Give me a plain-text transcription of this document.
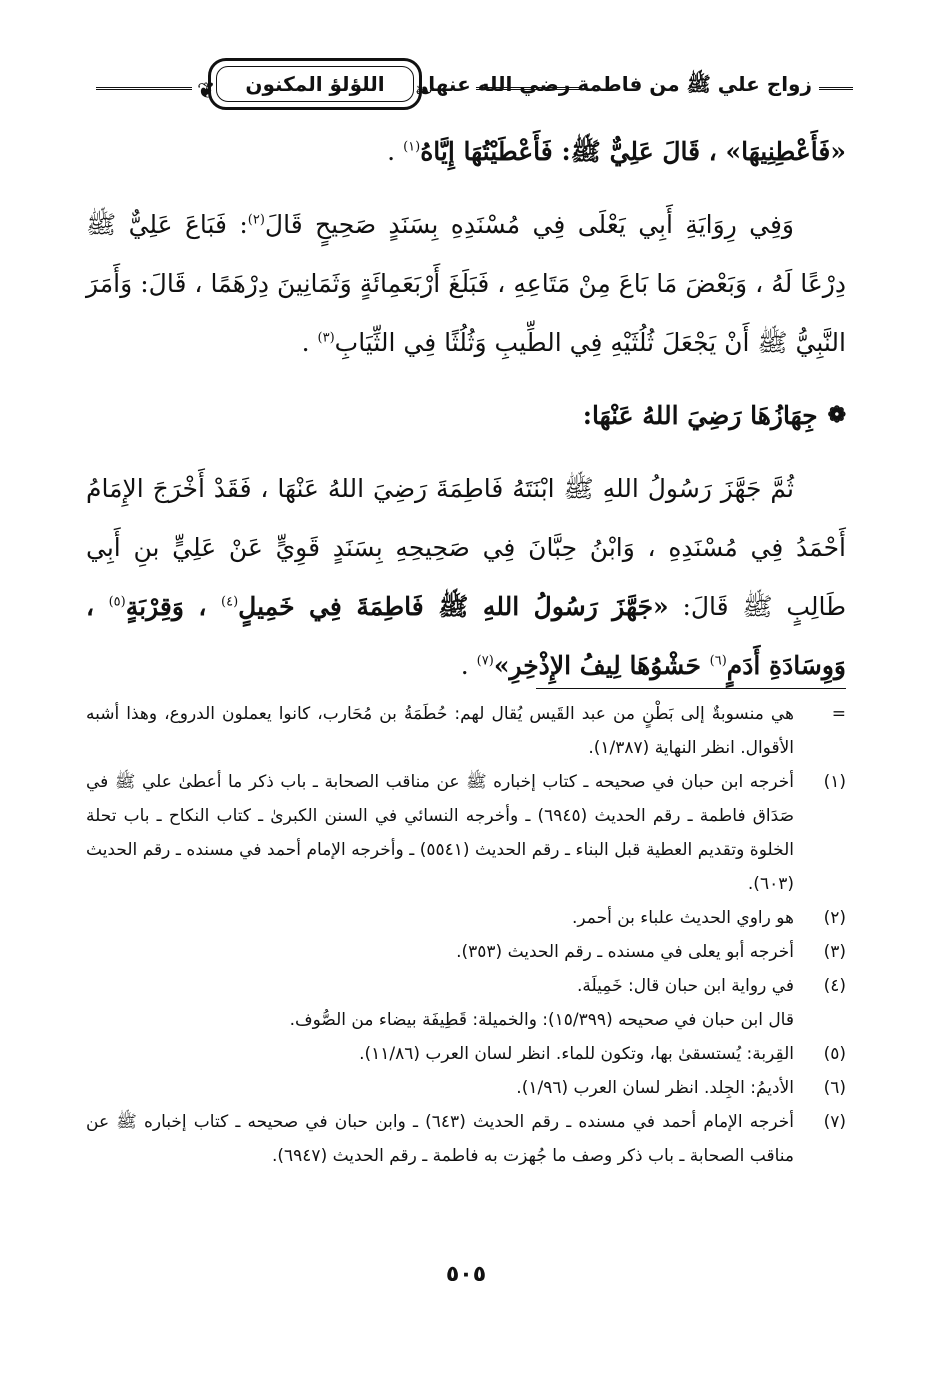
زواج علي ﷺ من فاطمة رضي الله عنها
❦	❧
اللؤلؤ المكنون

«فَأَعْطِنِيهَا» ، قَالَ عَلِيٌّ ﷺ: فَأَعْطَيْتُهَا إِيَّاهُ$^{(١)}$ .

وَفِي رِوَايَةِ أَبِي يَعْلَى فِي مُسْنَدِهِ بِسَنَدٍ صَحِيحٍ قَالَ$^{(٢)}$: فَبَاعَ عَلِيٌّ ﷺ دِرْعًا لَهُ ، وَبَعْضَ مَا بَاعَ مِنْ مَتَاعِهِ ، فَبَلَغَ أَرْبَعَمِائَةٍ وَثَمَانِينَ دِرْهَمًا ، قَالَ: وَأَمَرَ النَّبِيُّ ﷺ أَنْ يَجْعَلَ ثُلُثَيْهِ فِي الطِّيبِ وَثُلُثًا فِي الثِّيَابِ$^{(٣)}$ .

❁
جِهَازُهَا رَضِيَ اللهُ عَنْهَا:

ثُمَّ جَهَّزَ رَسُولُ اللهِ ﷺ ابْنَتَهُ فَاطِمَةَ رَضِيَ اللهُ عَنْهَا ، فَقَدْ أَخْرَجَ الإِمَامُ أَحْمَدُ فِي مُسْنَدِهِ ، وَابْنُ حِبَّانَ فِي صَحِيحِهِ بِسَنَدٍ قَوِيٍّ عَنْ عَلِيٍّ بنِ أَبِي طَالِبٍ ﷺ قَالَ: «جَهَّزَ رَسُولُ اللهِ ﷺ فَاطِمَةَ فِي خَمِيلٍ$^{(٤)}$ ، وَقِرْبَةٍ$^{(٥)}$ ، وَوِسَادَةِ أَدَمٍ$^{(٦)}$ حَشْوُهَا لِيفُ الإِذْخِرِ»$^{(٧)}$ .

=
هي منسوبةٌ إلى بَطْنٍ من عبد القَيس يُقال لهم: حُطَمَةُ بن مُحَارب، كانوا يعملون الدروع، وهذا أشبه الأقوال. انظر النهاية (١/٣٨٧).
(١)
أخرجه ابن حبان في صحيحه ـ كتاب إخباره ﷺ عن مناقب الصحابة ـ باب ذكر ما أعطىٰ علي ﷺ في صَدَاق فاطمة ـ رقم الحديث (٦٩٤٥) ـ وأخرجه النسائي في السنن الكبرىٰ ـ كتاب النكاح ـ باب تحلة الخلوة وتقديم العطية قبل البناء ـ رقم الحديث (٥٥٤١) ـ وأخرجه الإمام أحمد في مسنده ـ رقم الحديث (٦٠٣).
(٢)
هو راوي الحديث علباء بن أحمر.
(٣)
أخرجه أبو يعلى في مسنده ـ رقم الحديث (٣٥٣).
(٤)
في رواية ابن حبان قال: خَمِيلَة.
قال ابن حبان في صحيحه (١٥/٣٩٩): والخميلة: قَطِيفَة بيضاء من الصُّوف.
(٥)
القِربة: يُستسقىٰ بها، وتكون للماء. انظر لسان العرب (١١/٨٦).
(٦)
الأديمُ: الجِلد. انظر لسان العرب (١/٩٦).
(٧)
أخرجه الإمام أحمد في مسنده ـ رقم الحديث (٦٤٣) ـ وابن حبان في صحيحه ـ كتاب إخباره ﷺ عن مناقب الصحابة ـ باب ذكر وصف ما جُهزت به فاطمة ـ رقم الحديث (٦٩٤٧).
٥٠٥
